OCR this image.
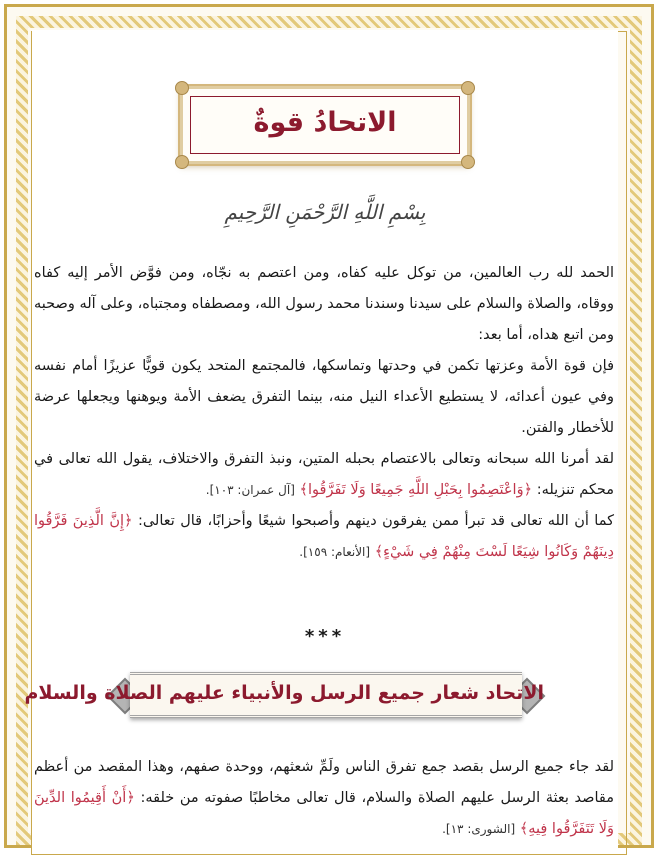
الاتحادُ قوةٌ
بِسْمِ اللَّهِ الرَّحْمَنِ الرَّحِيمِ

الحمد لله رب العالمين، من توكل عليه كفاه، ومن اعتصم به نجّاه، ومن فوَّض الأمر إليه كفاه ووقاه، والصلاة والسلام على سيدنا وسندنا محمد رسول الله، ومصطفاه ومجتباه، وعلى آله وصحبه ومن اتبع هداه، أما بعد:

فإن قوة الأمة وعزتها تكمن في وحدتها وتماسكها، فالمجتمع المتحد يكون قويًّا عزيزًا أمام نفسه وفي عيون أعدائه، لا يستطيع الأعداء النيل منه، بينما التفرق يضعف الأمة ويوهنها ويجعلها عرضة للأخطار والفتن.

لقد أمرنا الله سبحانه وتعالى بالاعتصام بحبله المتين، ونبذ التفرق والاختلاف، يقول الله تعالى في محكم تنزيله: ﴿وَاعْتَصِمُوا بِحَبْلِ اللَّهِ جَمِيعًا وَلَا تَفَرَّقُوا﴾ [آل عمران: ١٠٣].

كما أن الله تعالى قد تبرأ ممن يفرقون دينهم وأصبحوا شيعًا وأحزابًا، قال تعالى: ﴿إِنَّ الَّذِينَ فَرَّقُوا دِينَهُمْ وَكَانُوا شِيَعًا لَسْتَ مِنْهُمْ فِي شَيْءٍ﴾ [الأنعام: ١٥٩].

***
الاتحاد شعار جميع الرسل والأنبياء عليهم الصلاة والسلام

لقد جاء جميع الرسل بقصد جمع تفرق الناس ولَمِّ شعثهم، ووحدة صفهم، وهذا المقصد من أعظم مقاصد بعثة الرسل عليهم الصلاة والسلام، قال تعالى مخاطبًا صفوته من خلقه: ﴿أَنْ أَقِيمُوا الدِّينَ وَلَا تَتَفَرَّقُوا فِيهِ﴾ [الشورى: ١٣].
